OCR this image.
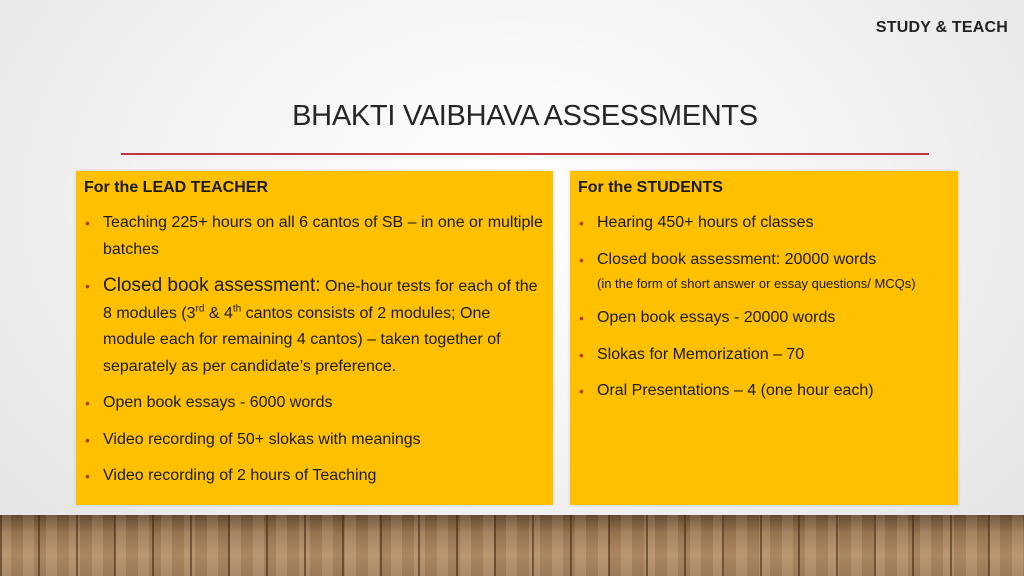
STUDY & TEACH
BHAKTI VAIBHAVA ASSESSMENTS
For the LEAD TEACHER
• Teaching 225+ hours on all 6 cantos of SB – in one or multiple batches
• Closed book assessment: One-hour tests for each of the 8 modules (3rd & 4th cantos consists of 2 modules; One module each for remaining 4 cantos) – taken together of separately as per candidate’s preference.
• Open book essays - 6000 words
• Video recording of 50+ slokas with meanings
• Video recording of 2 hours of Teaching
For the STUDENTS
• Hearing 450+ hours of classes
• Closed book assessment: 20000 words
(in the form of short answer or essay questions/ MCQs)
• Open book essays - 20000 words
• Slokas for Memorization – 70
• Oral Presentations – 4 (one hour each)
